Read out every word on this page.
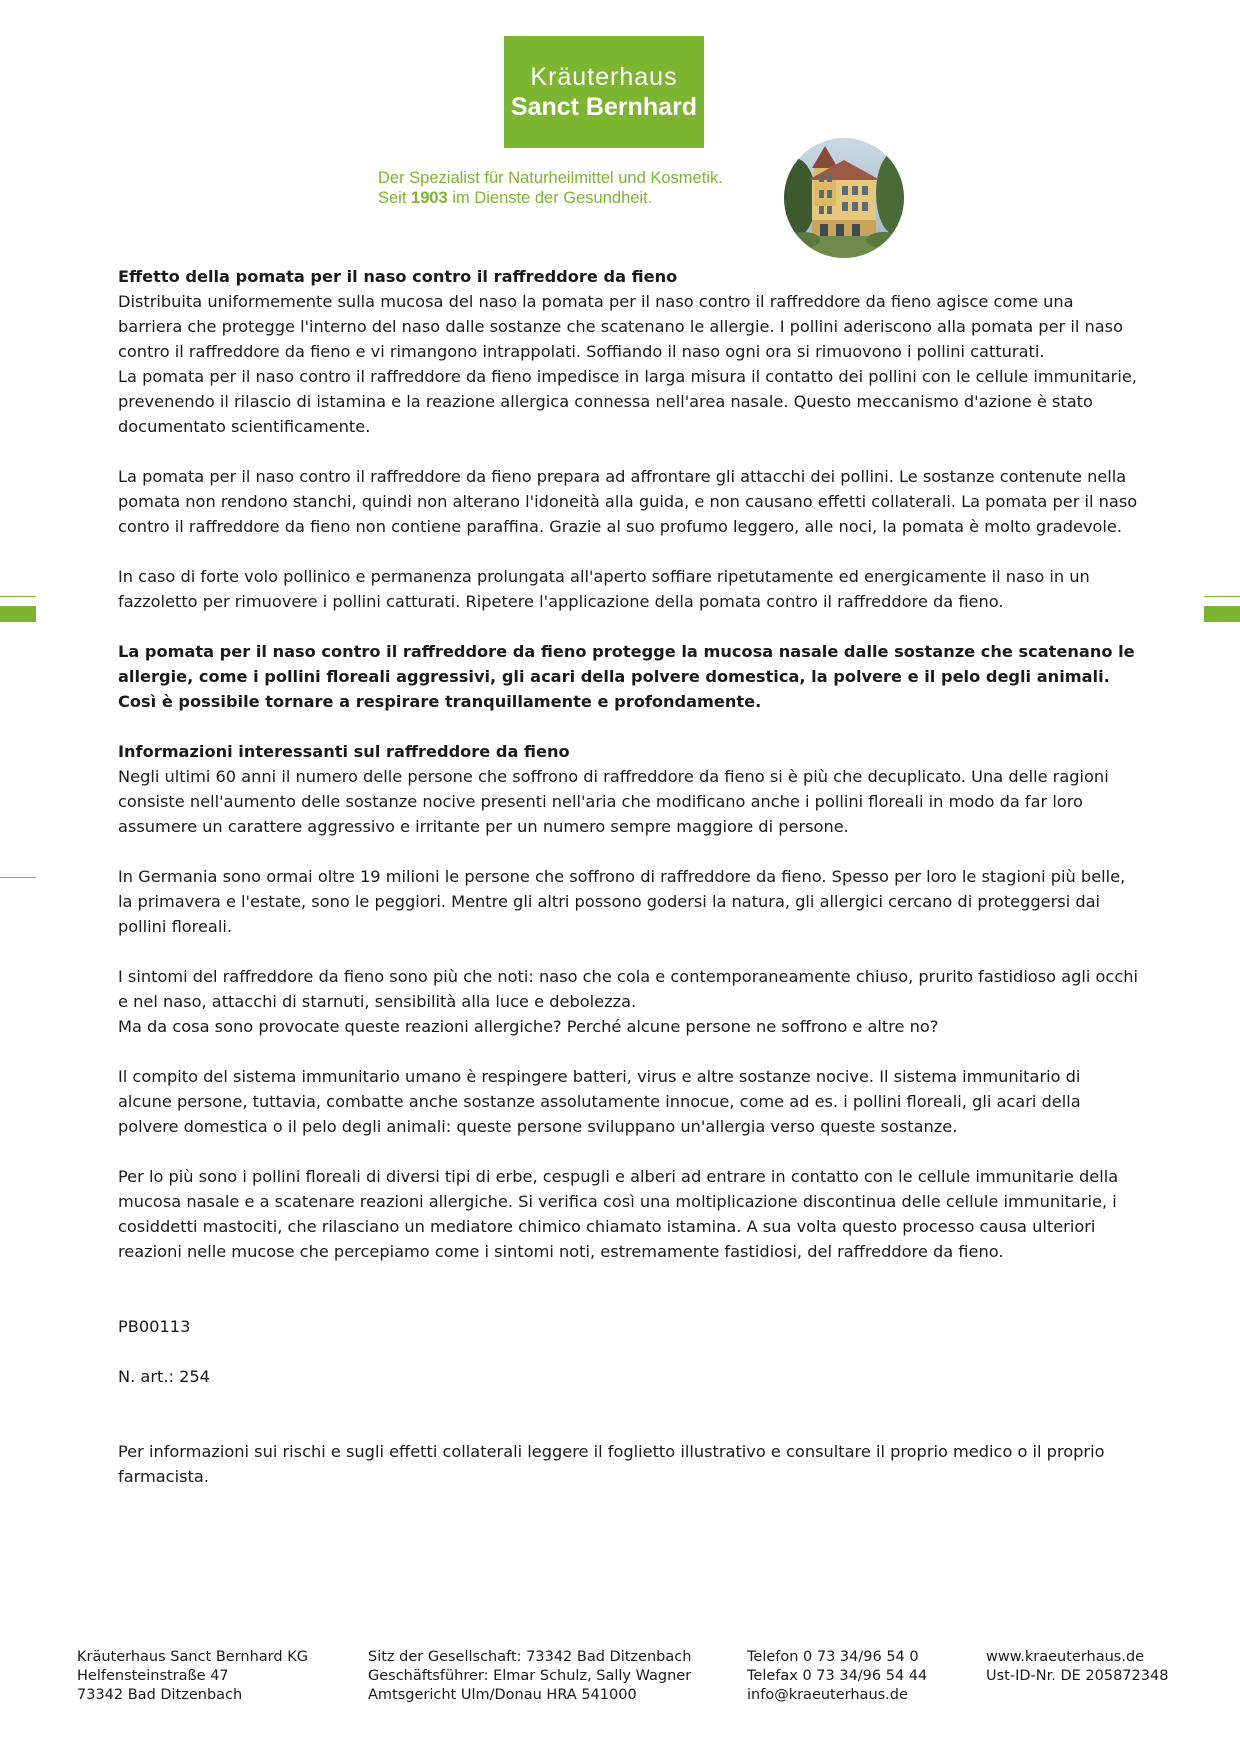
Kräuterhaus
Sanct Bernhard
Der Spezialist für Naturheilmittel und Kosmetik.
Seit 1903 im Dienste der Gesundheit.

Effetto della pomata per il naso contro il raffreddore da fieno

Distribuita uniformemente sulla mucosa del naso la pomata per il naso contro il raffreddore da fieno agisce come una barriera che protegge l'interno del naso dalle sostanze che scatenano le allergie. I pollini aderiscono alla pomata per il naso contro il raffreddore da fieno e vi rimangono intrappolati. Soffiando il naso ogni ora si rimuovono i pollini catturati.

La pomata per il naso contro il raffreddore da fieno impedisce in larga misura il contatto dei pollini con le cellule immunitarie, prevenendo il rilascio di istamina e la reazione allergica connessa nell'area nasale. Questo meccanismo d'azione è stato documentato scientificamente.

La pomata per il naso contro il raffreddore da fieno prepara ad affrontare gli attacchi dei pollini. Le sostanze contenute nella pomata non rendono stanchi, quindi non alterano l'idoneità alla guida, e non causano effetti collaterali. La pomata per il naso contro il raffreddore da fieno non contiene paraffina. Grazie al suo profumo leggero, alle noci, la pomata è molto gradevole.

In caso di forte volo pollinico e permanenza prolungata all'aperto soffiare ripetutamente ed energicamente il naso in un fazzoletto per rimuovere i pollini catturati. Ripetere l'applicazione della pomata contro il raffreddore da fieno.

La pomata per il naso contro il raffreddore da fieno protegge la mucosa nasale dalle sostanze che scatenano le allergie, come i pollini floreali aggressivi, gli acari della polvere domestica, la polvere e il pelo degli animali. Così è possibile tornare a respirare tranquillamente e profondamente.

Informazioni interessanti sul raffreddore da fieno

Negli ultimi 60 anni il numero delle persone che soffrono di raffreddore da fieno si è più che decuplicato. Una delle ragioni consiste nell'aumento delle sostanze nocive presenti nell'aria che modificano anche i pollini floreali in modo da far loro assumere un carattere aggressivo e irritante per un numero sempre maggiore di persone.

In Germania sono ormai oltre 19 milioni le persone che soffrono di raffreddore da fieno. Spesso per loro le stagioni più belle, la primavera e l'estate, sono le peggiori. Mentre gli altri possono godersi la natura, gli allergici cercano di proteggersi dai pollini floreali.

I sintomi del raffreddore da fieno sono più che noti: naso che cola e contemporaneamente chiuso, prurito fastidioso agli occhi e nel naso, attacchi di starnuti, sensibilità alla luce e debolezza.

Ma da cosa sono provocate queste reazioni allergiche? Perché alcune persone ne soffrono e altre no?

Il compito del sistema immunitario umano è respingere batteri, virus e altre sostanze nocive. Il sistema immunitario di alcune persone, tuttavia, combatte anche sostanze assolutamente innocue, come ad es. i pollini floreali, gli acari della polvere domestica o il pelo degli animali: queste persone sviluppano un'allergia verso queste sostanze.

Per lo più sono i pollini floreali di diversi tipi di erbe, cespugli e alberi ad entrare in contatto con le cellule immunitarie della mucosa nasale e a scatenare reazioni allergiche. Si verifica così una moltiplicazione discontinua delle cellule immunitarie, i cosiddetti mastociti, che rilasciano un mediatore chimico chiamato istamina. A sua volta questo processo causa ulteriori reazioni nelle mucose che percepiamo come i sintomi noti, estremamente fastidiosi, del raffreddore da fieno.

PB00113

N. art.: 254

Per informazioni sui rischi e sugli effetti collaterali leggere il foglietto illustrativo e consultare il proprio medico o il proprio farmacista.

Kräuterhaus Sanct Bernhard KG
Helfensteinstraße 47
73342 Bad Ditzenbach
Sitz der Gesellschaft: 73342 Bad Ditzenbach
Geschäftsführer: Elmar Schulz, Sally Wagner
Amtsgericht Ulm/Donau HRA 541000
Telefon 0 73 34/96 54 0
Telefax 0 73 34/96 54 44
info@kraeuterhaus.de
www.kraeuterhaus.de
Ust-ID-Nr. DE 205872348
